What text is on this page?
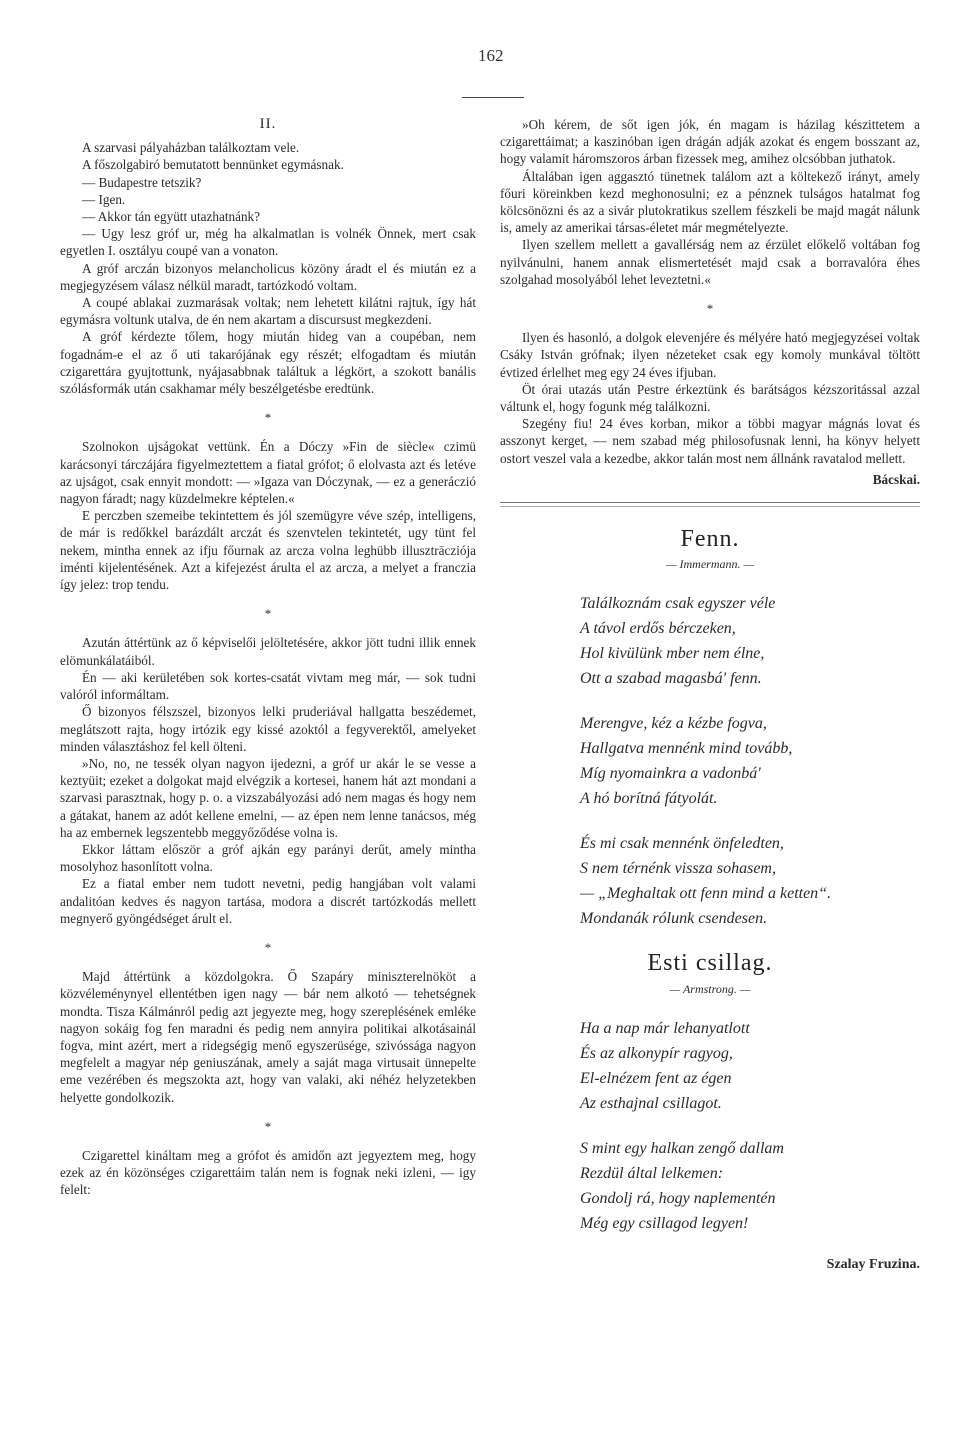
162
II.

A szarvasi pályaházban találkoztam vele.

A főszolgabiró bemutatott bennünket egymásnak.

— Budapestre tetszik?

— Igen.

— Akkor tán együtt utazhatnánk?

— Ugy lesz gróf ur, még ha alkalmatlan is volnék Önnek, mert csak egyetlen I. osztályu coupé van a vonaton.

A gróf arczán bizonyos melancholicus közöny áradt el és miután ez a megjegyzésem válasz nélkül maradt, tartózkodó voltam.

A coupé ablakai zuzmarásak voltak; nem lehetett kilátni rajtuk, így hát egymásra voltunk utalva, de én nem akartam a discursust megkezdeni.

A gróf kérdezte tőlem, hogy miután hideg van a coupéban, nem fogadnám-e el az ő uti takarójának egy részét; elfogadtam és miután czigarettára gyujtottunk, nyájasabbnak találtuk a légkört, a szokott banális szólásformák után csakhamar mély beszélgetésbe eredtünk.

*

Szolnokon ujságokat vettünk. Én a Dóczy »Fin de siècle« czimü karácsonyi tárczájára figyelmeztettem a fiatal grófot; ő elolvasta azt és letéve az ujságot, csak ennyit mondott: — »Igaza van Dóczynak, — ez a generáczió nagyon fáradt; nagy küzdelmekre képtelen.«

E perczben szemeibe tekintettem és jól szemügyre véve szép, intelligens, de már is redőkkel barázdált arczát és szenvtelen tekintetét, ugy tünt fel nekem, mintha ennek az ifju főurnak az arcza volna leghübb illusztrācziója iménti kijelentésének. Azt a kifejezést árulta el az arcza, a melyet a franczia így jelez: trop tendu.

*

Azután áttértünk az ő képviselői jelöltetésére, akkor jött tudni illik ennek elömunkálatáiból.

Én — aki kerületében sok kortes-csatát vivtam meg már, — sok tudni valóról informáltam.

Ő bizonyos félszszel, bizonyos lelki pruderiával hallgatta beszédemet, meglátszott rajta, hogy irtózik egy kissé azoktól a fegyverektől, amelyeket minden választáshoz fel kell ölteni.

»No, no, ne tessék olyan nagyon ijedezni, a gróf ur akár le se vesse a keztyüit; ezeket a dolgokat majd elvégzik a kortesei, hanem hát azt mondani a szarvasi parasztnak, hogy p. o. a vizszabályozási adó nem magas és hogy nem a gátakat, hanem az adót kellene emelni, — az épen nem lenne tanácsos, még ha az embernek legszentebb meggyőződése volna is.

Ekkor láttam először a gróf ajkán egy parányi derűt, amely mintha mosolyhoz hasonlított volna.

Ez a fiatal ember nem tudott nevetni, pedig hangjában volt valami andalitóan kedves és nagyon tartása, modora a discrét tartózkodás mellett megnyerő gyöngédséget árult el.

*

Majd áttértünk a közdolgokra. Ő Szapáry miniszterelnököt a közvéleménynyel ellentétben igen nagy — bár nem alkotó — tehetségnek mondta. Tisza Kálmánról pedig azt jegyezte meg, hogy szereplésének emléke nagyon sokáig fog fen maradni és pedig nem annyira politikai alkotásainál fogva, mint azért, mert a ridegségig menő egyszerüsége, szivóssága nagyon megfelelt a magyar nép geniuszának, amely a saját maga virtusait ünnepelte eme vezérében és megszokta azt, hogy van valaki, aki néhéz helyzetekben helyette gondolkozik.

*

Czigarettel kináltam meg a grófot és amidőn azt jegyeztem meg, hogy ezek az én közönséges czigarettáim talán nem is fognak neki izleni, — igy felelt:

»Oh kérem, de sőt igen jók, én magam is házilag készittetem a czigarettáimat; a kaszinóban igen drágán adják azokat és engem bosszant az, hogy valamit háromszoros árban fizessek meg, amihez olcsóbban juthatok.

Általában igen aggasztó tünetnek találom azt a költekező irányt, amely főuri köreinkben kezd meghonosulni; ez a pénznek tulságos hatalmat fog kölcsönözni és az a sivár plutokratikus szellem fészkeli be majd magát nálunk is, amely az amerikai társas-életet már megmételyezte.

Ilyen szellem mellett a gavallérság nem az érzület előkelő voltában fog nyilvánulni, hanem annak elismertetését majd csak a borravalóra éhes szolgahad mosolyából lehet leveztetni.«

*

Ilyen és hasonló, a dolgok elevenjére és mélyére ható megjegyzései voltak Csáky István grófnak; ilyen nézeteket csak egy komoly munkával töltött évtized érlelhet meg egy 24 éves ifjuban.

Öt órai utazás után Pestre érkeztünk és barátságos kézszoritással azzal váltunk el, hogy fogunk még találkozni.

Szegény fiu! 24 éves korban, mikor a többi magyar mágnás lovat és asszonyt kerget, — nem szabad még philosofusnak lenni, ha könyv helyett ostort veszel vala a kezedbe, akkor talán most nem állnánk ravatalod mellett.

Bácskai.
Fenn.
— Immermann. —

Találkoznám csak egyszer véle

A távol erdős bérczeken,

Hol kivülünk mber nem élne,

Ott a szabad magasbá' fenn.

Merengve, kéz a kézbe fogva,

Hallgatva mennénk mind tovább,

Míg nyomainkra a vadonbá'

A hó borítná fátyolát.

És mi csak mennénk önfeledten,

S nem térnénk vissza sohasem,

— „Meghaltak ott fenn mind a ketten“.

Mondanák rólunk csendesen.

Esti csillag.
— Armstrong. —

Ha a nap már lehanyatlott

És az alkonypír ragyog,

El-elnézem fent az égen

Az esthajnal csillagot.

S mint egy halkan zengő dallam

Rezdül által lelkemen:

Gondolj rá, hogy naplementén

Még egy csillagod legyen!

Szalay Fruzina.
